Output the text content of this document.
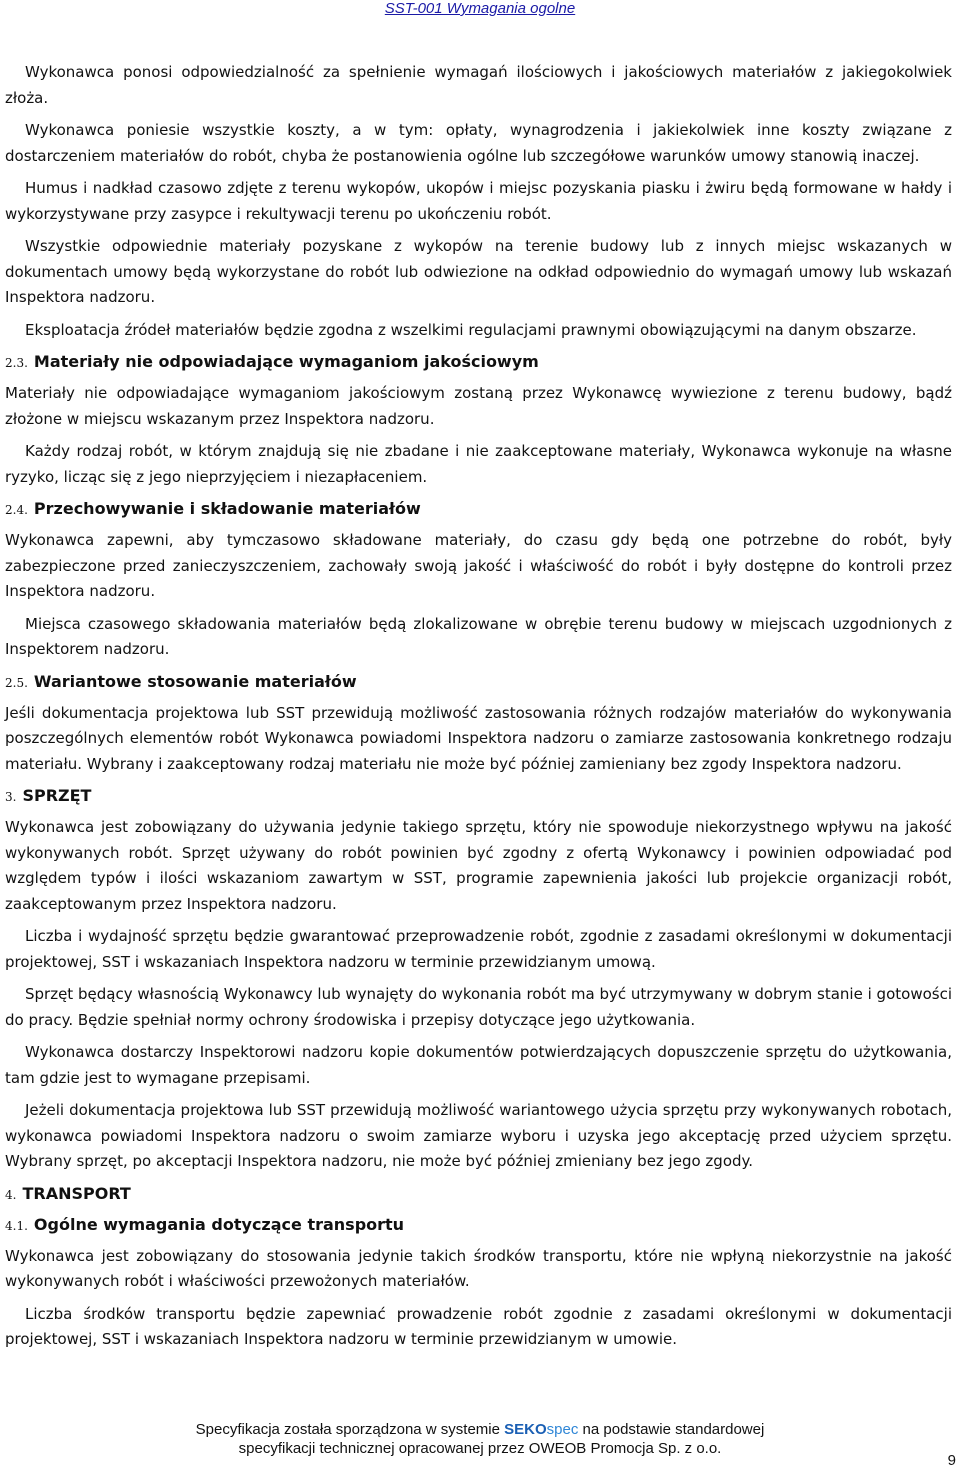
SST-001 Wymagania ogolne

Wykonawca ponosi odpowiedzialność za spełnienie wymagań ilościowych i jakościowych materiałów z jakiegokolwiek złoża.

Wykonawca poniesie wszystkie koszty, a w tym: opłaty, wynagrodzenia i jakiekolwiek inne koszty związane z dostarczeniem materiałów do robót, chyba że postanowienia ogólne lub szczegółowe warunków umowy stanowią inaczej.

Humus i nadkład czasowo zdjęte z terenu wykopów, ukopów i miejsc pozyskania piasku i żwiru będą formowane w hałdy i wykorzystywane przy zasypce i rekultywacji terenu po ukończeniu robót.

Wszystkie odpowiednie materiały pozyskane z wykopów na terenie budowy lub z innych miejsc wskazanych w dokumentach umowy będą wykorzystane do robót lub odwiezione na odkład odpowiednio do wymagań umowy lub wskazań Inspektora nadzoru.

Eksploatacja źródeł materiałów będzie zgodna z wszelkimi regulacjami prawnymi obowiązującymi na danym obszarze.

2.3. Materiały nie odpowiadające wymaganiom jakościowym

Materiały nie odpowiadające wymaganiom jakościowym zostaną przez Wykonawcę wywiezione z terenu budowy, bądź złożone w miejscu wskazanym przez Inspektora nadzoru.

Każdy rodzaj robót, w którym znajdują się nie zbadane i nie zaakceptowane materiały, Wykonawca wykonuje na własne ryzyko, licząc się z jego nieprzyjęciem i niezapłaceniem.

2.4. Przechowywanie i składowanie materiałów

Wykonawca zapewni, aby tymczasowo składowane materiały, do czasu gdy będą one potrzebne do robót, były zabezpieczone przed zanieczyszczeniem, zachowały swoją jakość i właściwość do robót i były dostępne do kontroli przez Inspektora nadzoru.

Miejsca czasowego składowania materiałów będą zlokalizowane w obrębie terenu budowy w miejscach uzgodnionych z Inspektorem nadzoru.

2.5. Wariantowe stosowanie materiałów

Jeśli dokumentacja projektowa lub SST przewidują możliwość zastosowania różnych rodzajów materiałów do wykonywania poszczególnych elementów robót Wykonawca powiadomi Inspektora nadzoru o zamiarze zastosowania konkretnego rodzaju materiału. Wybrany i zaakceptowany rodzaj materiału nie może być później zamieniany bez zgody Inspektora nadzoru.

3. SPRZĘT

Wykonawca jest zobowiązany do używania jedynie takiego sprzętu, który nie spowoduje niekorzystnego wpływu na jakość wykonywanych robót. Sprzęt używany do robót powinien być zgodny z ofertą Wykonawcy i powinien odpowiadać pod względem typów i ilości wskazaniom zawartym w SST, programie zapewnienia jakości lub projekcie organizacji robót, zaakceptowanym przez Inspektora nadzoru.

Liczba i wydajność sprzętu będzie gwarantować przeprowadzenie robót, zgodnie z zasadami określonymi w dokumentacji projektowej, SST i wskazaniach Inspektora nadzoru w terminie przewidzianym umową.

Sprzęt będący własnością Wykonawcy lub wynajęty do wykonania robót ma być utrzymywany w dobrym stanie i gotowości do pracy. Będzie spełniał normy ochrony środowiska i przepisy dotyczące jego użytkowania.

Wykonawca dostarczy Inspektorowi nadzoru kopie dokumentów potwierdzających dopuszczenie sprzętu do użytkowania, tam gdzie jest to wymagane przepisami.

Jeżeli dokumentacja projektowa lub SST przewidują możliwość wariantowego użycia sprzętu przy wykonywanych robotach, wykonawca powiadomi Inspektora nadzoru o swoim zamiarze wyboru i uzyska jego akceptację przed użyciem sprzętu. Wybrany sprzęt, po akceptacji Inspektora nadzoru, nie może być później zmieniany bez jego zgody.

4. TRANSPORT
4.1. Ogólne wymagania dotyczące transportu

Wykonawca jest zobowiązany do stosowania jedynie takich środków transportu, które nie wpłyną niekorzystnie na jakość wykonywanych robót i właściwości przewożonych materiałów.

Liczba środków transportu będzie zapewniać prowadzenie robót zgodnie z zasadami określonymi w dokumentacji projektowej, SST i wskazaniach Inspektora nadzoru w terminie przewidzianym w umowie.

Specyfikacja została sporządzona w systemie SEKOspec na podstawie standardowej
specyfikacji technicznej opracowanej przez OWEOB Promocja Sp. z o.o.
9
